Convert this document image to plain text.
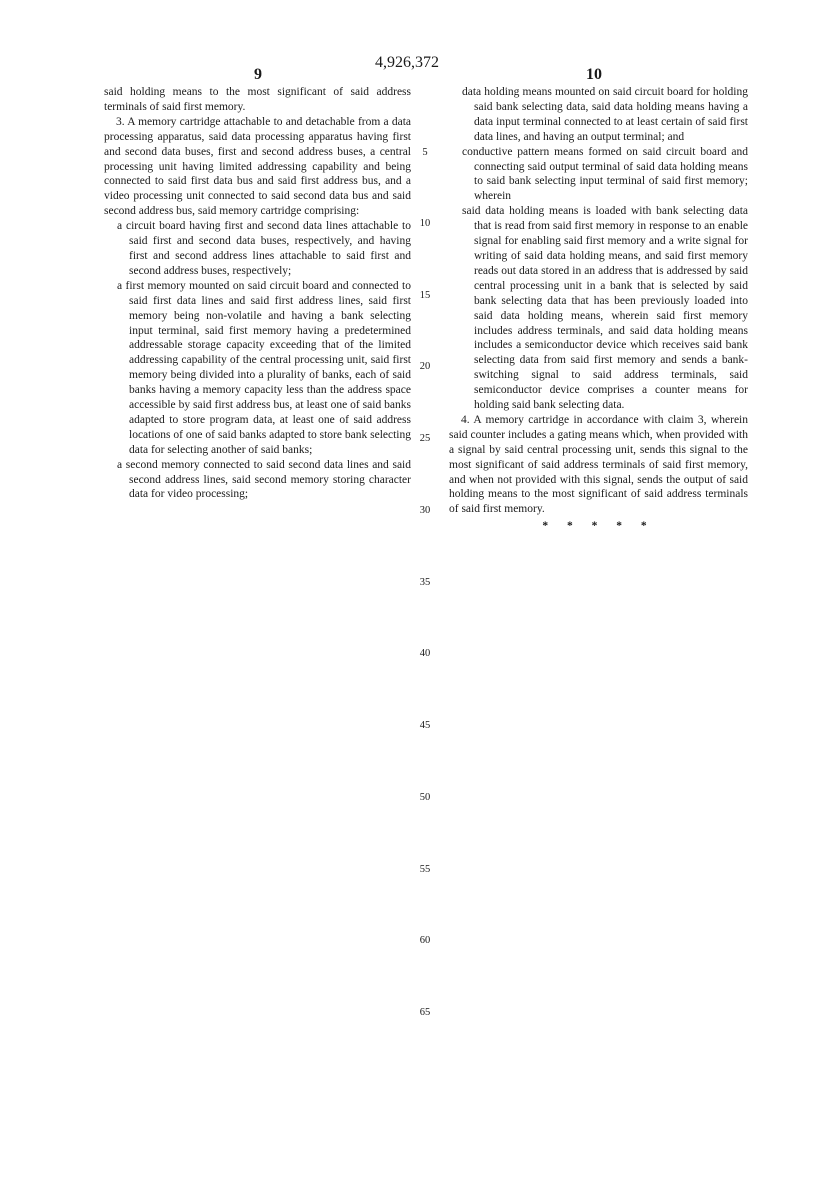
4,926,372
9	10

said holding means to the most significant of said address terminals of said first memory.

3. A memory cartridge attachable to and detachable from a data processing apparatus, said data processing apparatus having first and second data buses, first and second address buses, a central processing unit having limited addressing capability and being connected to said first data bus and said first address bus, and a video processing unit connected to said second data bus and said second address bus, said memory cartridge comprising:

a circuit board having first and second data lines attachable to said first and second data buses, respectively, and having first and second address lines attachable to said first and second address buses, respectively;

a first memory mounted on said circuit board and connected to said first data lines and said first address lines, said first memory being non-volatile and having a bank selecting input terminal, said first memory having a predetermined addressable storage capacity exceeding that of the limited addressing capability of the central processing unit, said first memory being divided into a plurality of banks, each of said banks having a memory capacity less than the address space accessible by said first address bus, at least one of said banks adapted to store program data, at least one of said address locations of one of said banks adapted to store bank selecting data for selecting another of said banks;

a second memory connected to said second data lines and said second address lines, said second memory storing character data for video processing;

data holding means mounted on said circuit board for holding said bank selecting data, said data holding means having a data input terminal connected to at least certain of said first data lines, and having an output terminal; and

conductive pattern means formed on said circuit board and connecting said output terminal of said data holding means to said bank selecting input terminal of said first memory; wherein

said data holding means is loaded with bank selecting data that is read from said first memory in response to an enable signal for enabling said first memory and a write signal for writing of said data holding means, and said first memory reads out data stored in an address that is addressed by said central processing unit in a bank that is selected by said bank selecting data that has been previously loaded into said data holding means, wherein said first memory includes address terminals, and said data holding means includes a semiconductor device which receives said bank selecting data from said first memory and sends a bank-switching signal to said address terminals, said semiconductor device comprises a counter means for holding said bank selecting data.

4. A memory cartridge in accordance with claim 3, wherein said counter includes a gating means which, when provided with a signal by said central processing unit, sends this signal to the most significant of said address terminals of said first memory, and when not provided with this signal, sends the output of said holding means to the most significant of said address terminals of said first memory.

* * * * *

5
10
15
20
25
30
35
40
45
50
55
60
65
